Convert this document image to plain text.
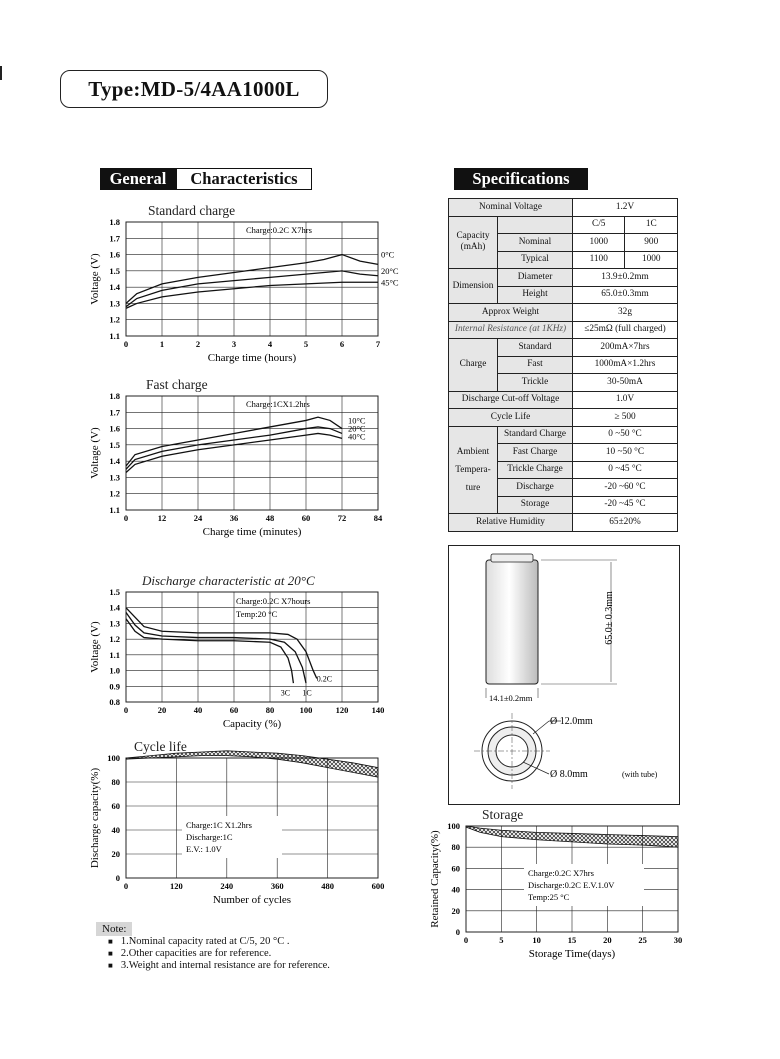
Type:MD-5/4AA1000L
General	Characteristics	Specifications
Standard charge
0	1	2	3	4	5	6	7
1.1
1.2
1.3
1.4
1.5
1.6
1.7
1.8
Charge time (hours)
Voltage (V)
Charge:0.2C X7hrs
0°C
20°C
45°C
Fast charge
0	12	24	36	48	60	72	84
1.1
1.2
1.3
1.4
1.5
1.6
1.7
1.8
Charge time (minutes)
Voltage (V)
Charge:1CX1.2hrs
10°C
20°C
40°C
Discharge characteristic at 20°C
0	20	40	60	80	100	120	140
0.8
0.9
1.0
1.1
1.2
1.3
1.4
1.5
Capacity (%)
Voltage (V)
Charge:0.2C X7hours
Temp:20 °C
0.2C
1C
3C
Cycle life
0	120	240	360	480	600
0
20
40
60
80
100
Number of cycles
Discharge capacity(%)	Charge:1C X1.2hrs
Discharge:1C
E.V.: 1.0V
Storage
0	5	10	15	20	25	30
0
20
40
60
80
100
Storage Time(days)
Retained Capacity(%)	Charge:0.2C X7hrs
Discharge:0.2C E.V.1.0V
Temp:25 °C
Nominal Voltage		1.2V	
Capacity (mAh)		C/5	1C
	Nominal	1000	900
	Typical	1100	1000
Dimension	Diameter	13.9±0.2mm	
	Height	65.0±0.3mm	
Approx Weight		32g	
Internal Resistance (at 1KHz)		≤25mΩ (full charged)	
Charge	Standard	200mA×7hrs	
	Fast	1000mA×1.2hrs	
	Trickle	30-50mA	
Discharge Cut-off Voltage		1.0V	
Cycle Life		≥ 500	

Ambient
Tempera-
ture	Standard Charge	0 ~50 °C	
	Fast Charge	10 ~50 °C	
	Trickle Charge	0 ~45 °C	
	Discharge	-20 ~60 °C	
	Storage	-20 ~45 °C	
Relative Humidity		65±20%	
65.0± 0.3mm
14.1±0.2mm
Ø 12.0mm
Ø 8.0mm	(with tube)
Note:
■ 1.Nominal capacity rated at C/5, 20 °C .
■ 2.Other capacities are for reference.
■ 3.Weight and internal resistance are for reference.
